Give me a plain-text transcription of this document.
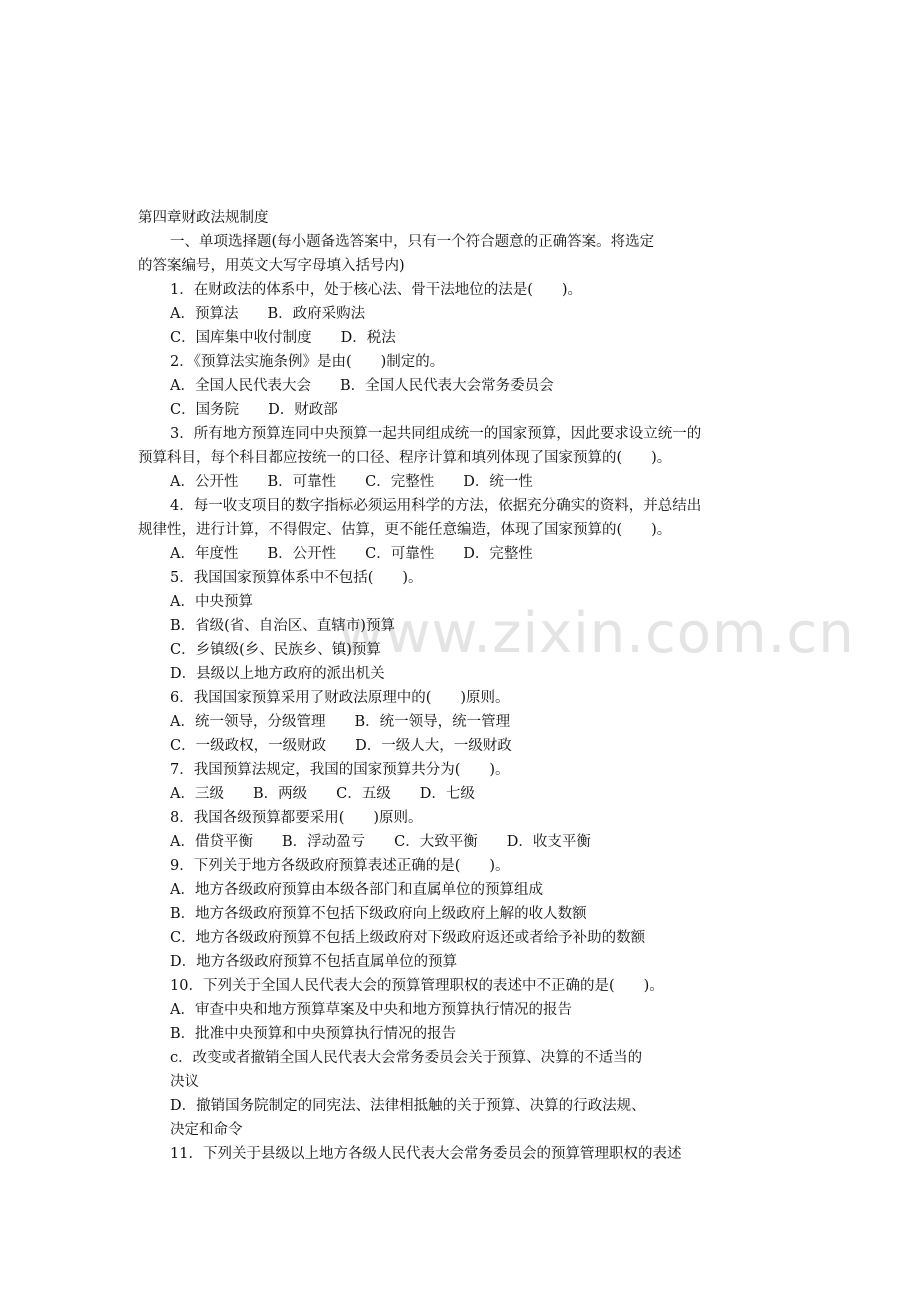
www.zixin.com.cn
第四章财政法规制度
一、单项选择题(每小题备选答案中，只有一个符合题意的正确答案。将选定
的答案编号，用英文大写字母填入括号内)
1．在财政法的体系中，处于核心法、骨干法地位的法是(　　)。
A．预算法　　B．政府采购法
C．国库集中收付制度　　D．税法
2．《预算法实施条例》是由(　　)制定的。
A．全国人民代表大会　　B．全国人民代表大会常务委员会
C．国务院　　D．财政部
3．所有地方预算连同中央预算一起共同组成统一的国家预算，因此要求设立统一的
预算科目，每个科目都应按统一的口径、程序计算和填列体现了国家预算的(　　)。
A．公开性　　B．可靠性　　C．完整性　　D．统一性
4．每一收支项目的数字指标必须运用科学的方法，依据充分确实的资料，并总结出
规律性，进行计算，不得假定、估算，更不能任意编造，体现了国家预算的(　　)。
A．年度性　　B．公开性　　C．可靠性　　D．完整性
5．我国国家预算体系中不包括(　　)。
A．中央预算
B．省级(省、自治区、直辖市)预算
C．乡镇级(乡、民族乡、镇)预算
D．县级以上地方政府的派出机关
6．我国国家预算采用了财政法原理中的(　　)原则。
A．统一领导，分级管理　　B．统一领导，统一管理
C．一级政权，一级财政　　D．一级人大，一级财政
7．我国预算法规定，我国的国家预算共分为(　　)。
A．三级　　B．两级　　C．五级　　D．七级
8．我国各级预算都要采用(　　)原则。
A．借贷平衡　　B．浮动盈亏　　C．大致平衡　　D．收支平衡
9．下列关于地方各级政府预算表述正确的是(　　)。
A．地方各级政府预算由本级各部门和直属单位的预算组成
B．地方各级政府预算不包括下级政府向上级政府上解的收人数额
C．地方各级政府预算不包括上级政府对下级政府返还或者给予补助的数额
D．地方各级政府预算不包括直属单位的预算
10．下列关于全国人民代表大会的预算管理职权的表述中不正确的是(　　)。
A．审查中央和地方预算草案及中央和地方预算执行情况的报告
B．批准中央预算和中央预算执行情况的报告
c．改变或者撤销全国人民代表大会常务委员会关于预算、决算的不适当的
决议
D．撤销国务院制定的同宪法、法律相抵触的关于预算、决算的行政法规、
决定和命令
11．下列关于县级以上地方各级人民代表大会常务委员会的预算管理职权的表述
